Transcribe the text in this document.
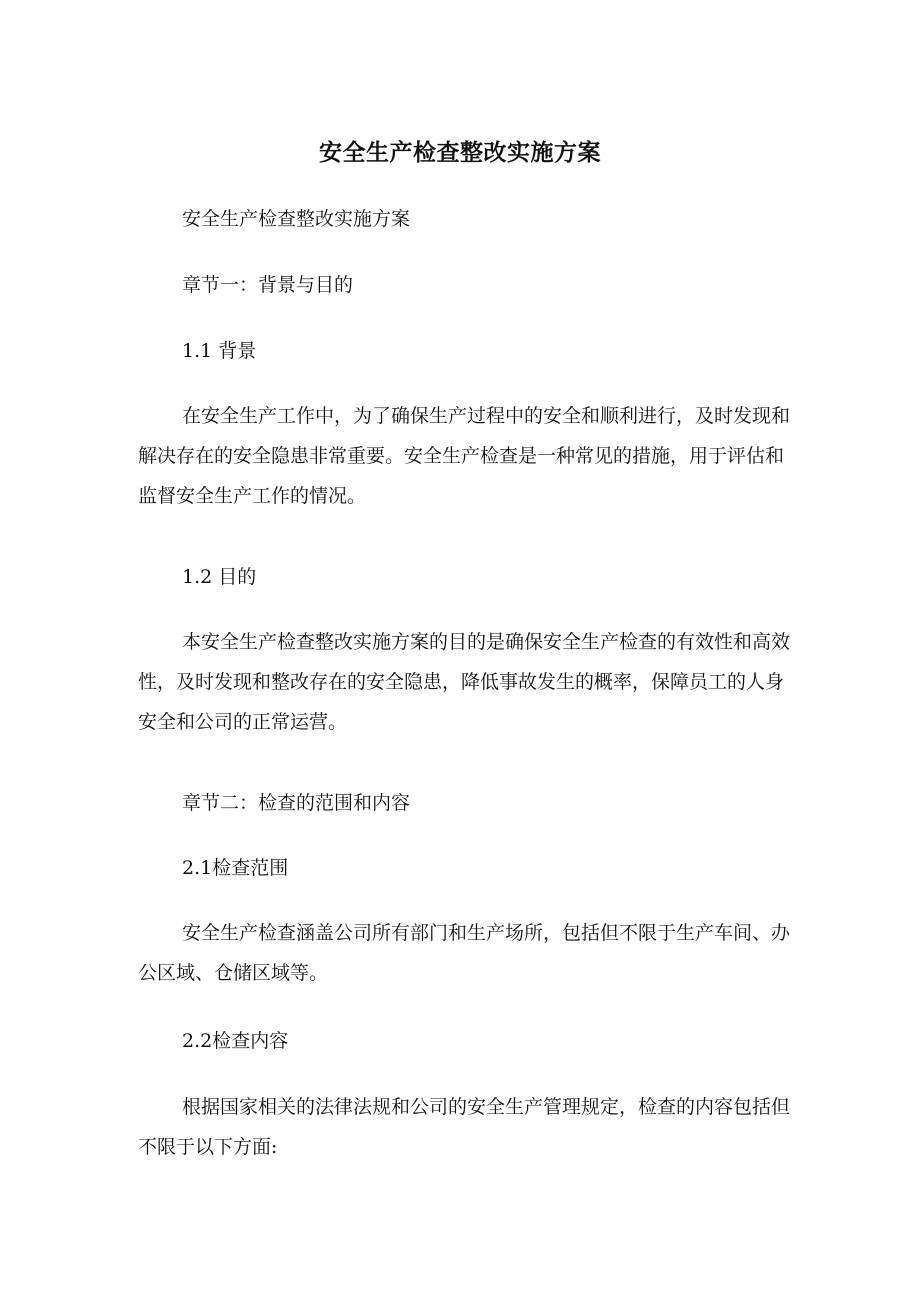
安全生产检查整改实施方案

安全生产检查整改实施方案

章节一：背景与目的

1.1 背景

在安全生产工作中，为了确保生产过程中的安全和顺利进行，及时发现和解决存在的安全隐患非常重要。安全生产检查是一种常见的措施，用于评估和监督安全生产工作的情况。

1.2 目的

本安全生产检查整改实施方案的目的是确保安全生产检查的有效性和高效性，及时发现和整改存在的安全隐患，降低事故发生的概率，保障员工的人身安全和公司的正常运营。

章节二：检查的范围和内容

2.1检查范围

安全生产检查涵盖公司所有部门和生产场所，包括但不限于生产车间、办公区域、仓储区域等。

2.2检查内容

根据国家相关的法律法规和公司的安全生产管理规定，检查的内容包括但不限于以下方面:
